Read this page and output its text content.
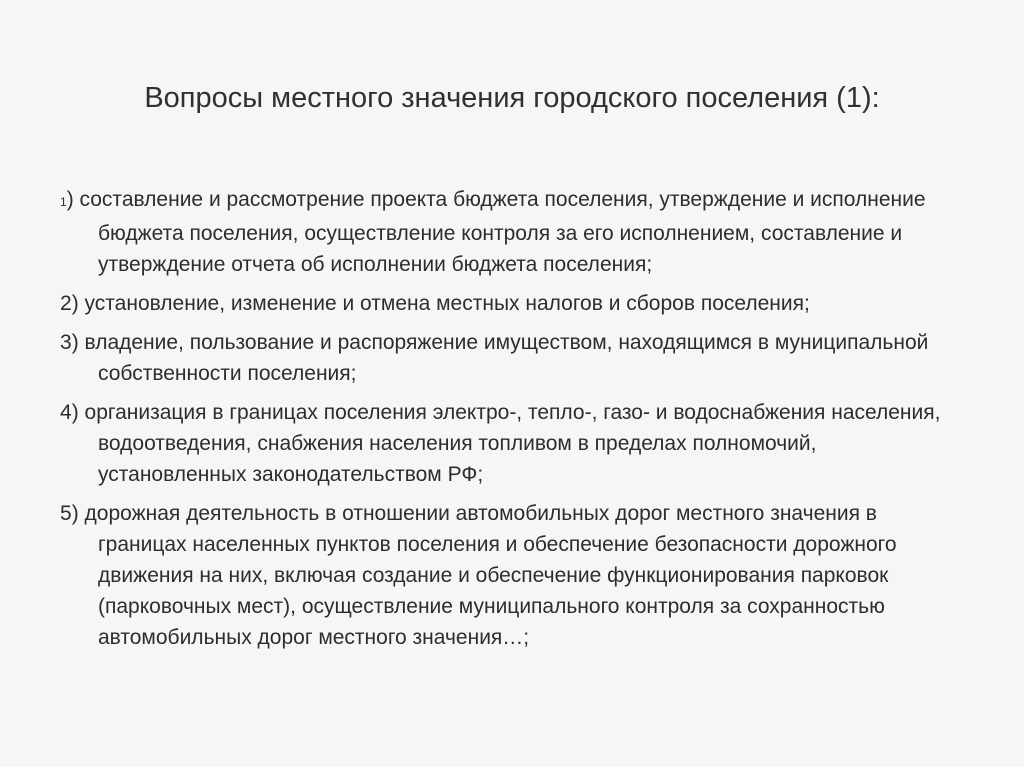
Вопросы местного значения городского поселения (1):
1) составление и рассмотрение проекта бюджета поселения, утверждение и исполнение бюджета поселения, осуществление контроля за его исполнением, составление и утверждение отчета об исполнении бюджета поселения;
2) установление, изменение и отмена местных налогов и сборов поселения;
3) владение, пользование и распоряжение имуществом, находящимся в муниципальной собственности поселения;
4) организация в границах поселения электро-, тепло-, газо- и водоснабжения населения, водоотведения, снабжения населения топливом в пределах полномочий, установленных законодательством РФ;
5) дорожная деятельность в отношении автомобильных дорог местного значения в границах населенных пунктов поселения и обеспечение безопасности дорожного движения на них, включая создание и обеспечение функционирования парковок (парковочных мест), осуществление муниципального контроля за сохранностью автомобильных дорог местного значения…;
